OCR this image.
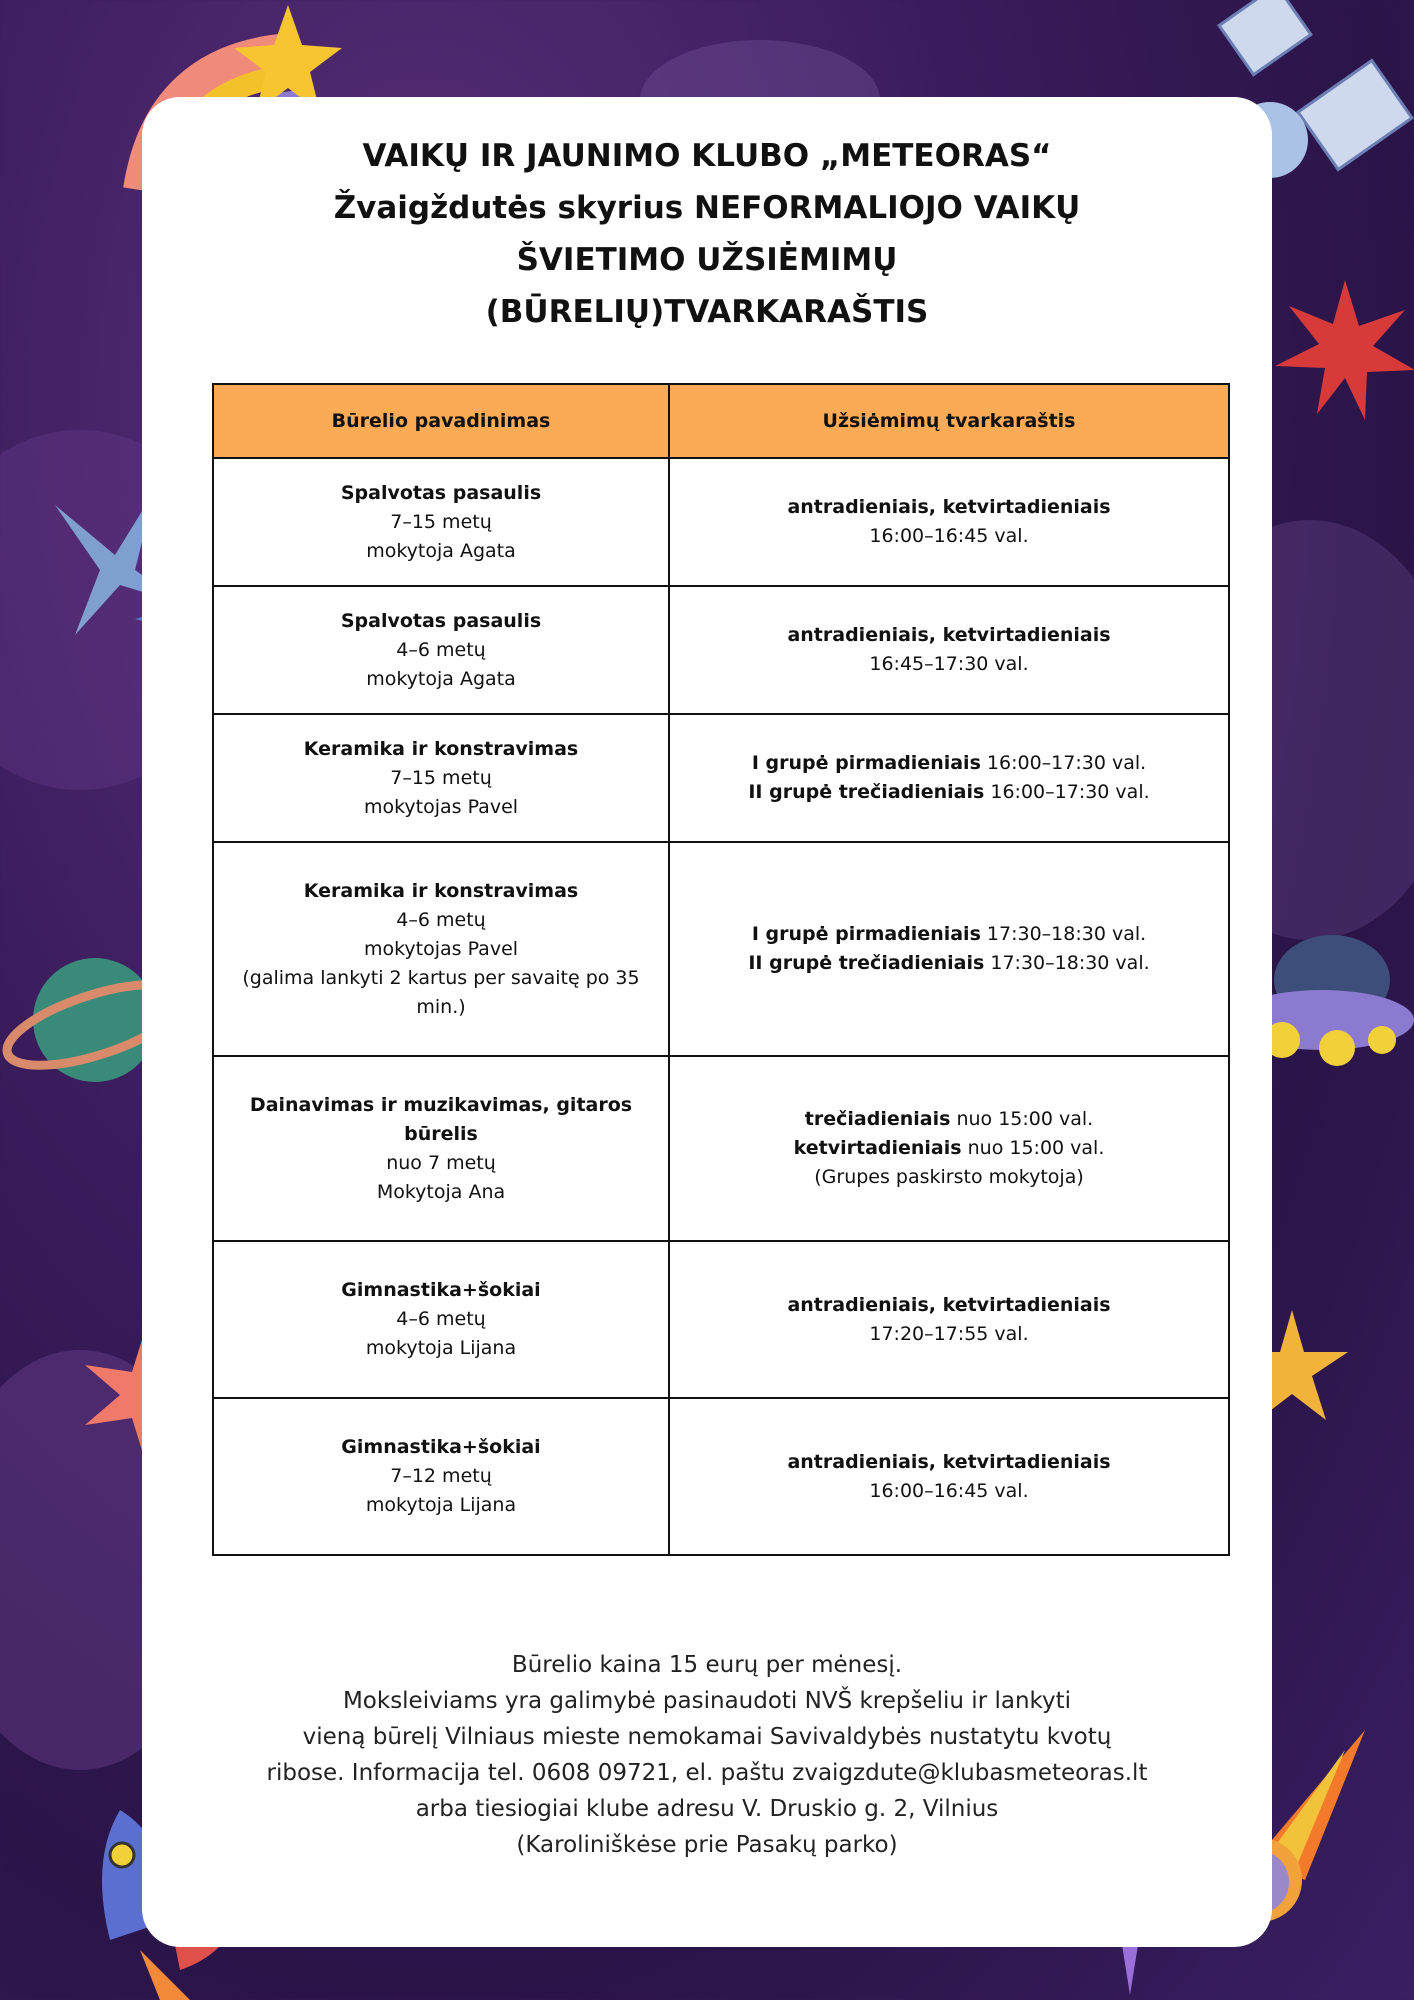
VAIKŲ IR JAUNIMO KLUBO „METEORAS“
Žvaigždutės skyrius NEFORMALIOJO VAIKŲ
ŠVIETIMO UŽSIĖMIMŲ
(BŪRELIŲ)TVARKARAŠTIS
Būrelio pavadinimas	Užsiėmimų tvarkaraštis

Spalvotas pasaulis
7–15 metų
mokytoja Agata	antradieniais, ketvirtadieniais
16:00–16:45 val.

Spalvotas pasaulis
4–6 metų
mokytoja Agata	antradieniais, ketvirtadieniais
16:45–17:30 val.

Keramika ir konstravimas
7–15 metų
mokytojas Pavel	I grupė pirmadieniais 16:00–17:30 val.
II grupė trečiadieniais 16:00–17:30 val.

Keramika ir konstravimas
4–6 metų
mokytojas Pavel
(galima lankyti 2 kartus per savaitę po 35 min.)	I grupė pirmadieniais 17:30–18:30 val.
II grupė trečiadieniais 17:30–18:30 val.

Dainavimas ir muzikavimas, gitaros būrelis
nuo 7 metų
Mokytoja Ana	trečiadieniais nuo 15:00 val.
ketvirtadieniais nuo 15:00 val.
(Grupes paskirsto mokytoja)

Gimnastika+šokiai
4–6 metų
mokytoja Lijana	antradieniais, ketvirtadieniais
17:20–17:55 val.

Gimnastika+šokiai
7–12 metų
mokytoja Lijana	antradieniais, ketvirtadieniais
16:00–16:45 val.
Būrelio kaina 15 eurų per mėnesį.
Moksleiviams yra galimybė pasinaudoti NVŠ krepšeliu ir lankyti
vieną būrelį Vilniaus mieste nemokamai Savivaldybės nustatytu kvotų
ribose. Informacija tel. 0608 09721, el. paštu zvaigzdute@klubasmeteoras.lt
arba tiesiogiai klube adresu V. Druskio g. 2, Vilnius
(Karoliniškėse prie Pasakų parko)
